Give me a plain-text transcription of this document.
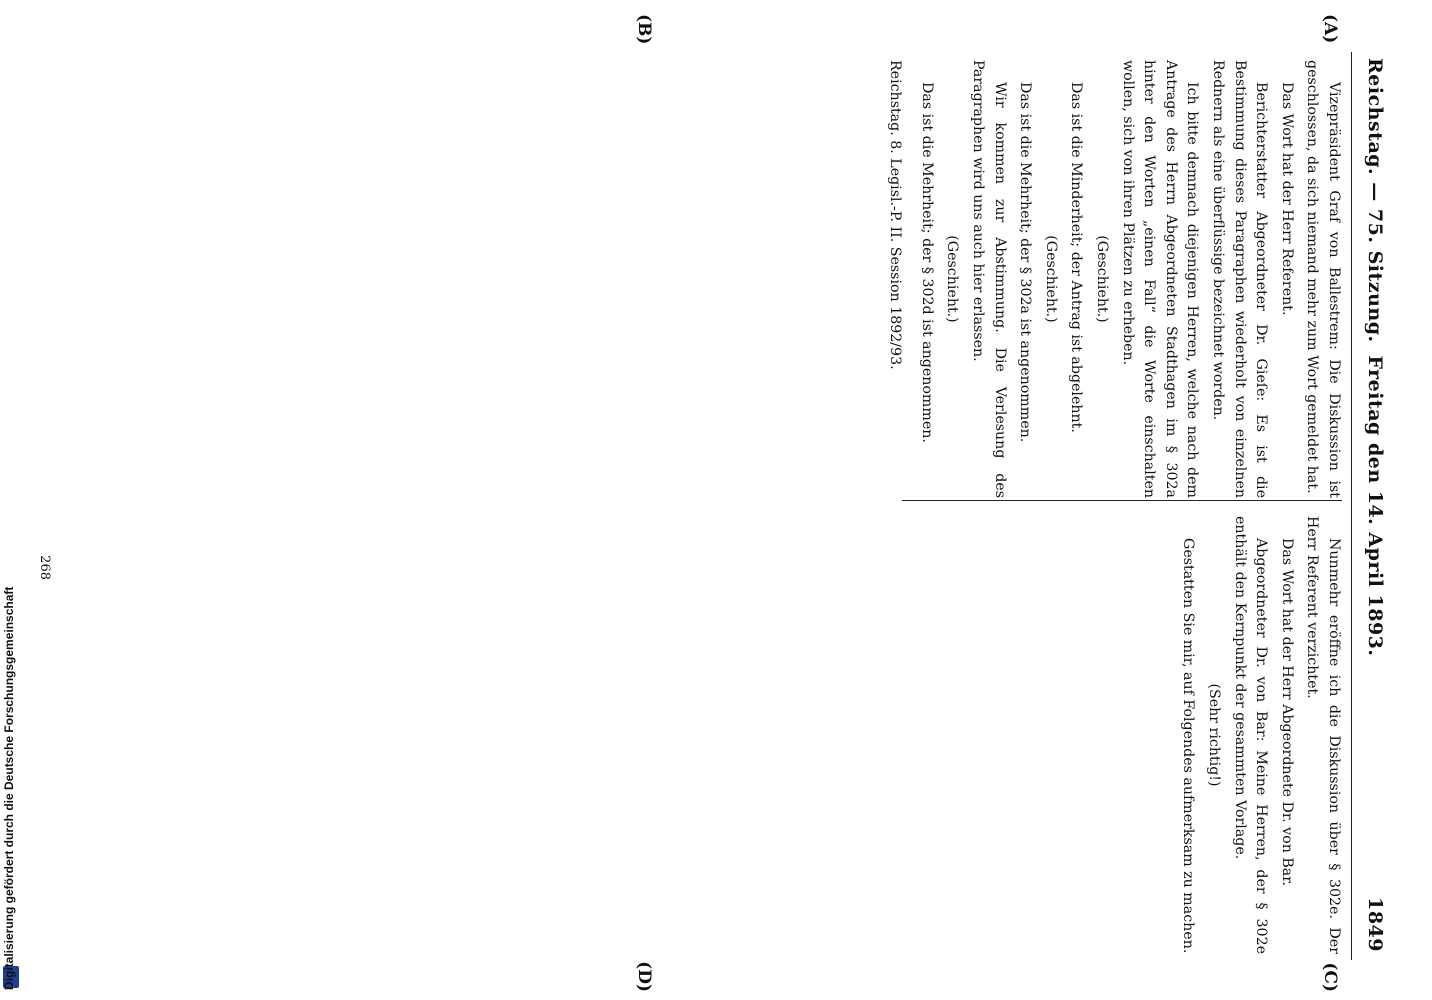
Digitalisierung gefördert durch die Deutsche Forschungsgemeinschaft
Reichstag. — 75. Sitzung.
Freitag den 14. April 1893.
1849
(A)
(B)
(C)
(D)

Vizepräsident Graf von Ballestrem: Die Diskussion ist geschlossen, da sich niemand mehr zum Wort gemeldet hat.

Das Wort hat der Herr Referent.

Berichterstatter Abgeordneter Dr. Gieſe: Es ist die Bestimmung dieses Paragraphen wiederholt von einzelnen Rednern als eine überflüssige bezeichnet worden.

Ich bitte demnach diejenigen Herren, welche nach dem Antrage des Herrn Abgeordneten Stadthagen im § 302a hinter den Worten „einen Fall“ die Worte einschalten wollen, sich von ihren Plätzen zu erheben.

(Geschieht.)

Das ist die Minderheit; der Antrag ist abgelehnt.

(Geschieht.)

Das ist die Mehrheit; der § 302a ist angenommen.

Wir kommen zur Abstimmung. Die Verlesung des Paragraphen wird uns auch hier erlassen.

(Geschieht.)

Das ist die Mehrheit; der § 302d ist angenommen.

Reichstag. 8. Legisl.-P. II. Session 1892/93.

Nunmehr eröffne ich die Diskussion über § 302e. Der Herr Referent verzichtet.

Das Wort hat der Herr Abgeordnete Dr. von Bar.

Abgeordneter Dr. von Bar: Meine Herren, der § 302e enthält den Kernpunkt der gesammten Vorlage.

(Sehr richtig!)

Gestatten Sie mir, auf Folgendes aufmerksam zu machen.

268
